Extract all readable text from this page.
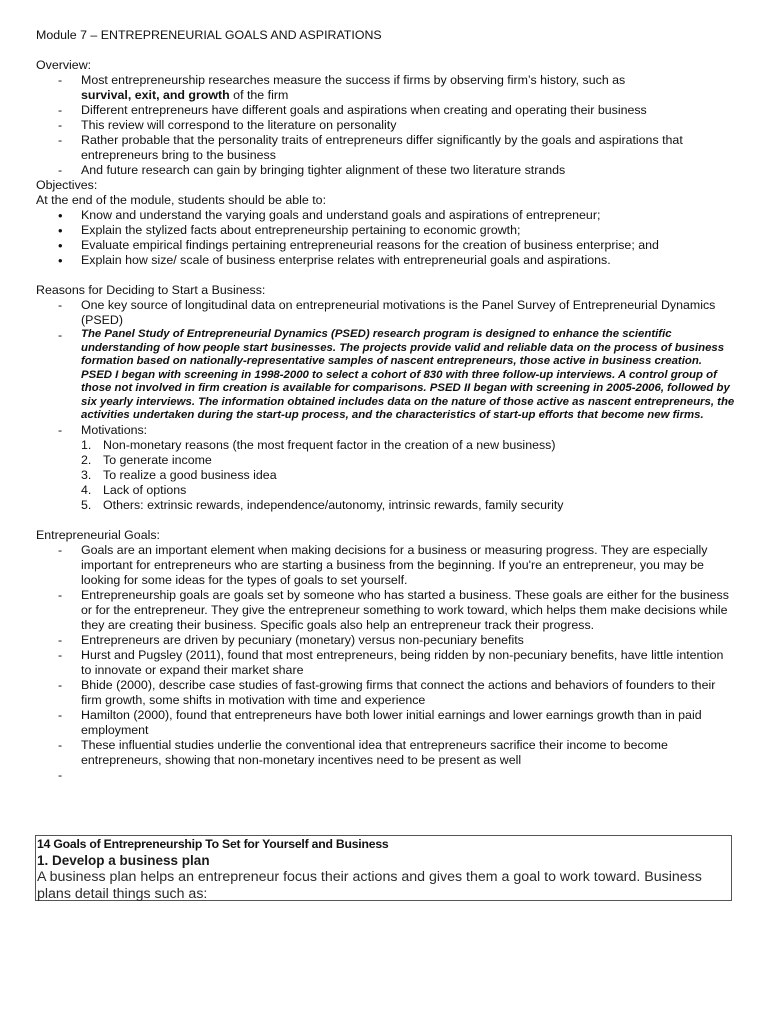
Module 7 – ENTREPRENEURIAL GOALS AND ASPIRATIONS
Overview:
- Most entrepreneurship researches measure the success if firms by observing firm’s history, such as
survival, exit, and growth of the firm
- Different entrepreneurs have different goals and aspirations when creating and operating their business
- This review will correspond to the literature on personality
- Rather probable that the personality traits of entrepreneurs differ significantly by the goals and aspirations that entrepreneurs bring to the business
- And future research can gain by bringing tighter alignment of these two literature strands
Objectives:
At the end of the module, students should be able to:
• Know and understand the varying goals and understand goals and aspirations of entrepreneur;
• Explain the stylized facts about entrepreneurship pertaining to economic growth;
• Evaluate empirical findings pertaining entrepreneurial reasons for the creation of business enterprise; and
• Explain how size/ scale of business enterprise relates with entrepreneurial goals and aspirations.
Reasons for Deciding to Start a Business:
- One key source of longitudinal data on entrepreneurial motivations is the Panel Survey of Entrepreneurial Dynamics (PSED)
- The Panel Study of Entrepreneurial Dynamics (PSED) research program is designed to enhance the scientific understanding of how people start businesses. The projects provide valid and reliable data on the process of business formation based on nationally-representative samples of nascent entrepreneurs, those active in business creation. PSED I began with screening in 1998-2000 to select a cohort of 830 with three follow-up interviews. A control group of those not involved in firm creation is available for comparisons. PSED II began with screening in 2005-2006, followed by six yearly interviews. The information obtained includes data on the nature of those active as nascent entrepreneurs, the activities undertaken during the start-up process, and the characteristics of start-up efforts that become new firms.
- Motivations:
1. Non-monetary reasons (the most frequent factor in the creation of a new business)
2. To generate income
3. To realize a good business idea
4. Lack of options
5. Others: extrinsic rewards, independence/autonomy, intrinsic rewards, family security
Entrepreneurial Goals:
- Goals are an important element when making decisions for a business or measuring progress. They are especially important for entrepreneurs who are starting a business from the beginning. If you're an entrepreneur, you may be looking for some ideas for the types of goals to set yourself.
- Entrepreneurship goals are goals set by someone who has started a business. These goals are either for the business or for the entrepreneur. They give the entrepreneur something to work toward, which helps them make decisions while they are creating their business. Specific goals also help an entrepreneur track their progress.
- Entrepreneurs are driven by pecuniary (monetary) versus non-pecuniary benefits
- Hurst and Pugsley (2011), found that most entrepreneurs, being ridden by non-pecuniary benefits, have little intention to innovate or expand their market share
- Bhide (2000), describe case studies of fast-growing firms that connect the actions and behaviors of founders to their firm growth, some shifts in motivation with time and experience
- Hamilton (2000), found that entrepreneurs have both lower initial earnings and lower earnings growth than in paid employment
- These influential studies underlie the conventional idea that entrepreneurs sacrifice their income to become entrepreneurs, showing that non-monetary incentives need to be present as well
-
14 Goals of Entrepreneurship To Set for Yourself and Business
1. Develop a business plan
A business plan helps an entrepreneur focus their actions and gives them a goal to work toward. Business plans detail things such as:
